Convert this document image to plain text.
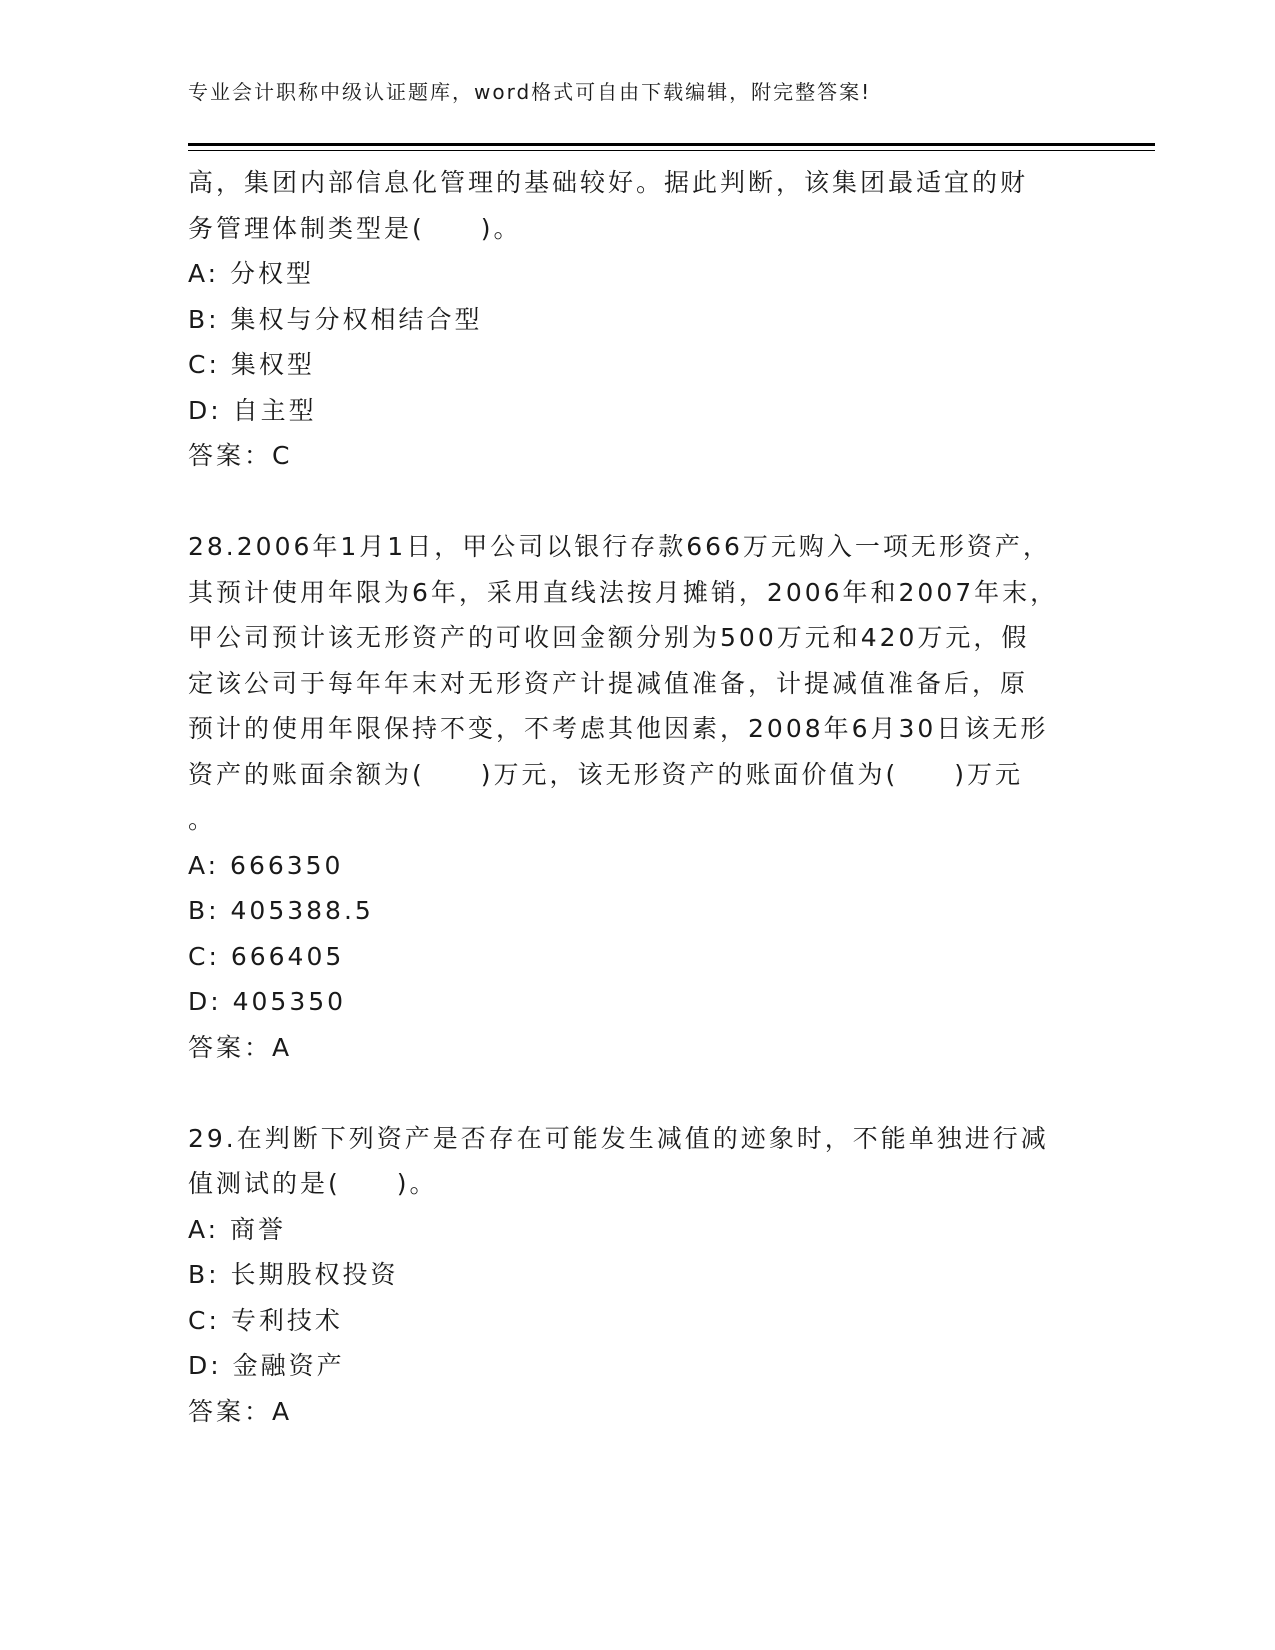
专业会计职称中级认证题库，word格式可自由下载编辑，附完整答案!
高，集团内部信息化管理的基础较好。据此判断，该集团最适宜的财
务管理体制类型是(　　)。
A: 分权型
B: 集权与分权相结合型
C: 集权型
D: 自主型
答案：C
28.2006年1月1日，甲公司以银行存款666万元购入一项无形资产，
其预计使用年限为6年，采用直线法按月摊销，2006年和2007年末，
甲公司预计该无形资产的可收回金额分别为500万元和420万元，假
定该公司于每年年末对无形资产计提减值准备，计提减值准备后，原
预计的使用年限保持不变，不考虑其他因素，2008年6月30日该无形
资产的账面余额为(　　)万元，该无形资产的账面价值为(　　)万元
。
A: 666350
B: 405388.5
C: 666405
D: 405350
答案：A
29.在判断下列资产是否存在可能发生减值的迹象时，不能单独进行减
值测试的是(　　)。
A: 商誉
B: 长期股权投资
C: 专利技术
D: 金融资产
答案：A
